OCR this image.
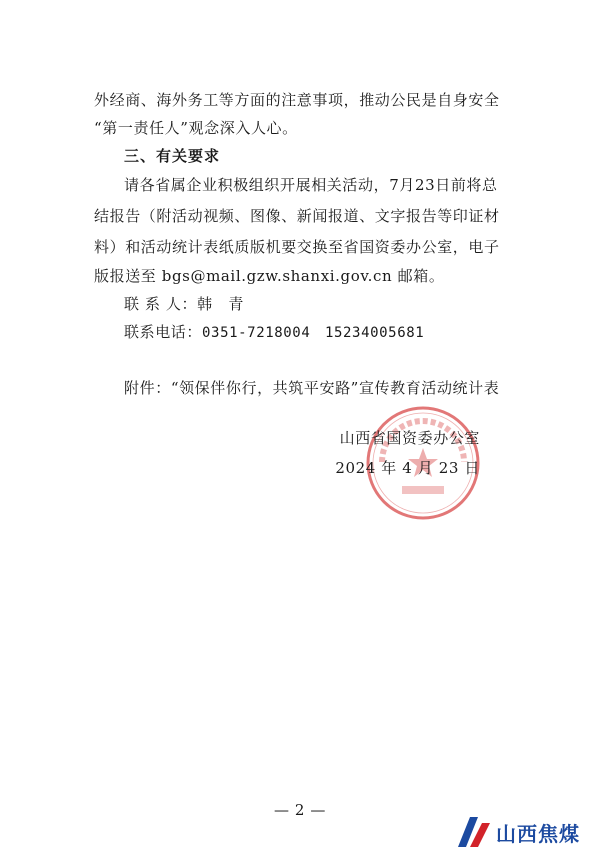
外经商、海外务工等方面的注意事项，推动公民是自身安全
“第一责任人”观念深入人心。
三、有关要求
请各省属企业积极组织开展相关活动，7月23日前将总
结报告（附活动视频、图像、新闻报道、文字报告等印证材
料）和活动统计表纸质版机要交换至省国资委办公室，电子
版报送至 bgs@mail.gzw.shanxi.gov.cn 邮箱。
联 系 人：韩　青
联系电话：0351-7218004　15234005681
附件：“领保伴你行，共筑平安路”宣传教育活动统计表
山西省国资委办公室
2024 年 4 月 23 日
— 2 —
山西焦煤
